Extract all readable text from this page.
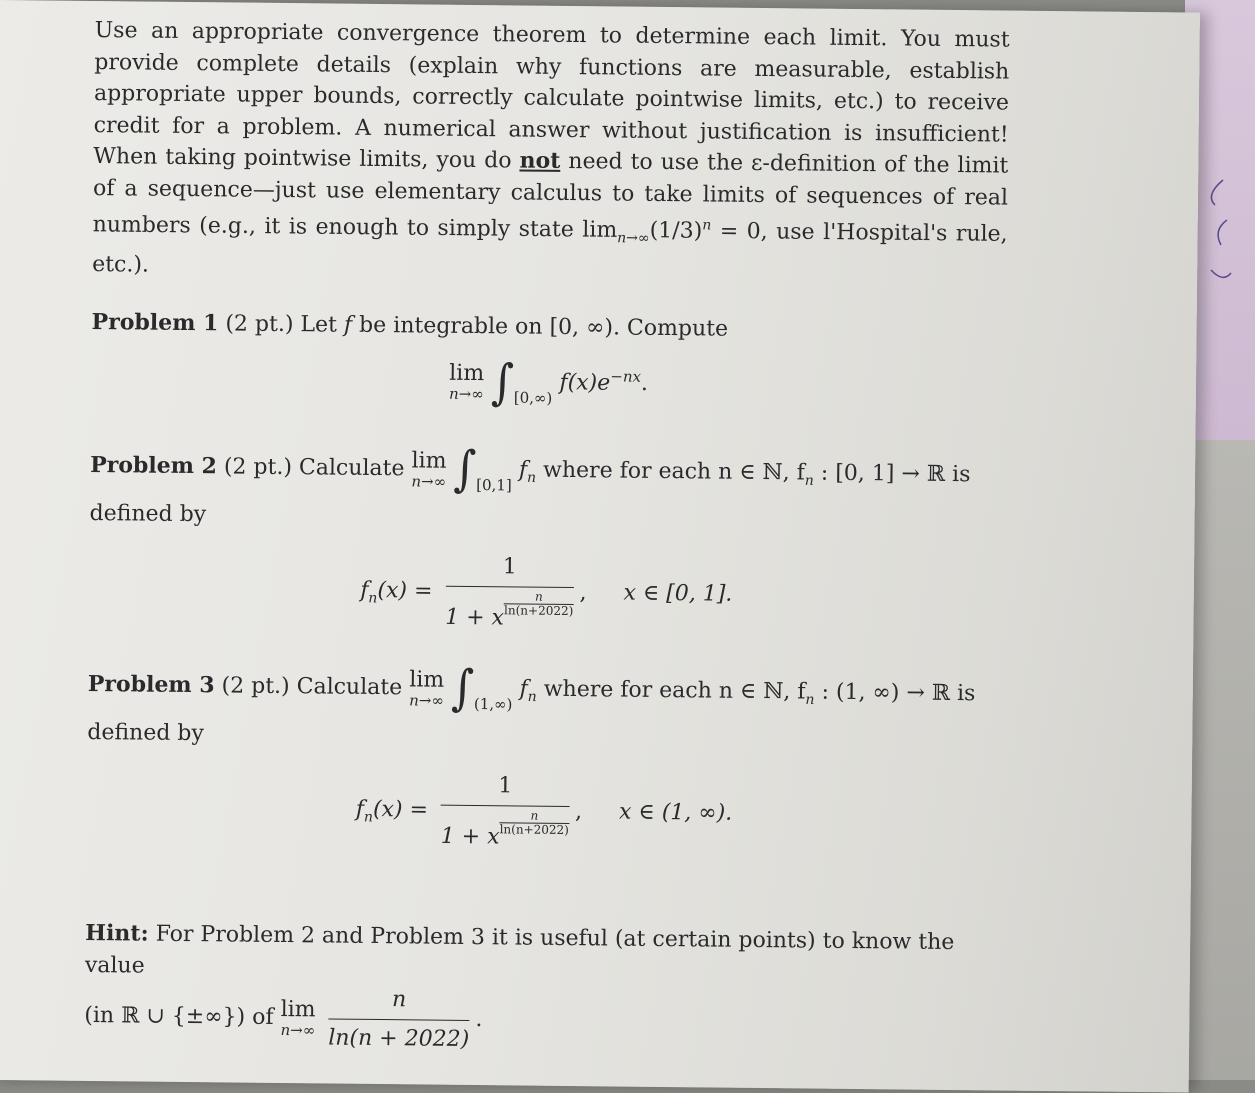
Use an appropriate convergence theorem to determine each limit. You must provide complete details (explain why functions are measurable, establish appropriate upper bounds, correctly calculate pointwise limits, etc.) to receive credit for a problem. A numerical answer without justification is insufficient! When taking pointwise limits, you do not need to use the ε-definition of the limit of a sequence—just use elementary calculus to take limits of sequences of real numbers (e.g., it is enough to simply state $\lim_{n\to\infty}(1/3)^n = 0$, use l'Hospital's rule, etc.).

Problem 1 (2 pt.) Let f be integrable on [0, ∞). Compute
lim
n→∞ $\int_{[0,\infty)}$ $f(x)e^{-nx}$.
Problem 2 (2 pt.) Calculate lim
n→∞ $\int_{[0,1]}$ $f_n$ where for each n ∈ ℕ, $f_n$ : [0, 1] → ℝ is
defined by
$f_n(x) = \frac{1}{1 + x \frac{n}{\ln(n+2022)}}$ , x ∈ [0, 1].
Problem 3 (2 pt.) Calculate lim
n→∞ $\int_{(1,\infty)}$ $f_n$ where for each n ∈ ℕ, $f_n$ : (1, ∞) → ℝ is
defined by
$f_n(x) = \frac{1}{1 + x \frac{n}{\ln(n+2022)}}$ , x ∈ (1, ∞).
Hint: For Problem 2 and Problem 3 it is useful (at certain points) to know the value
(in ℝ ∪ {±∞}) of lim
n→∞
$\frac{n}{\ln(n + 2022)}$ .
